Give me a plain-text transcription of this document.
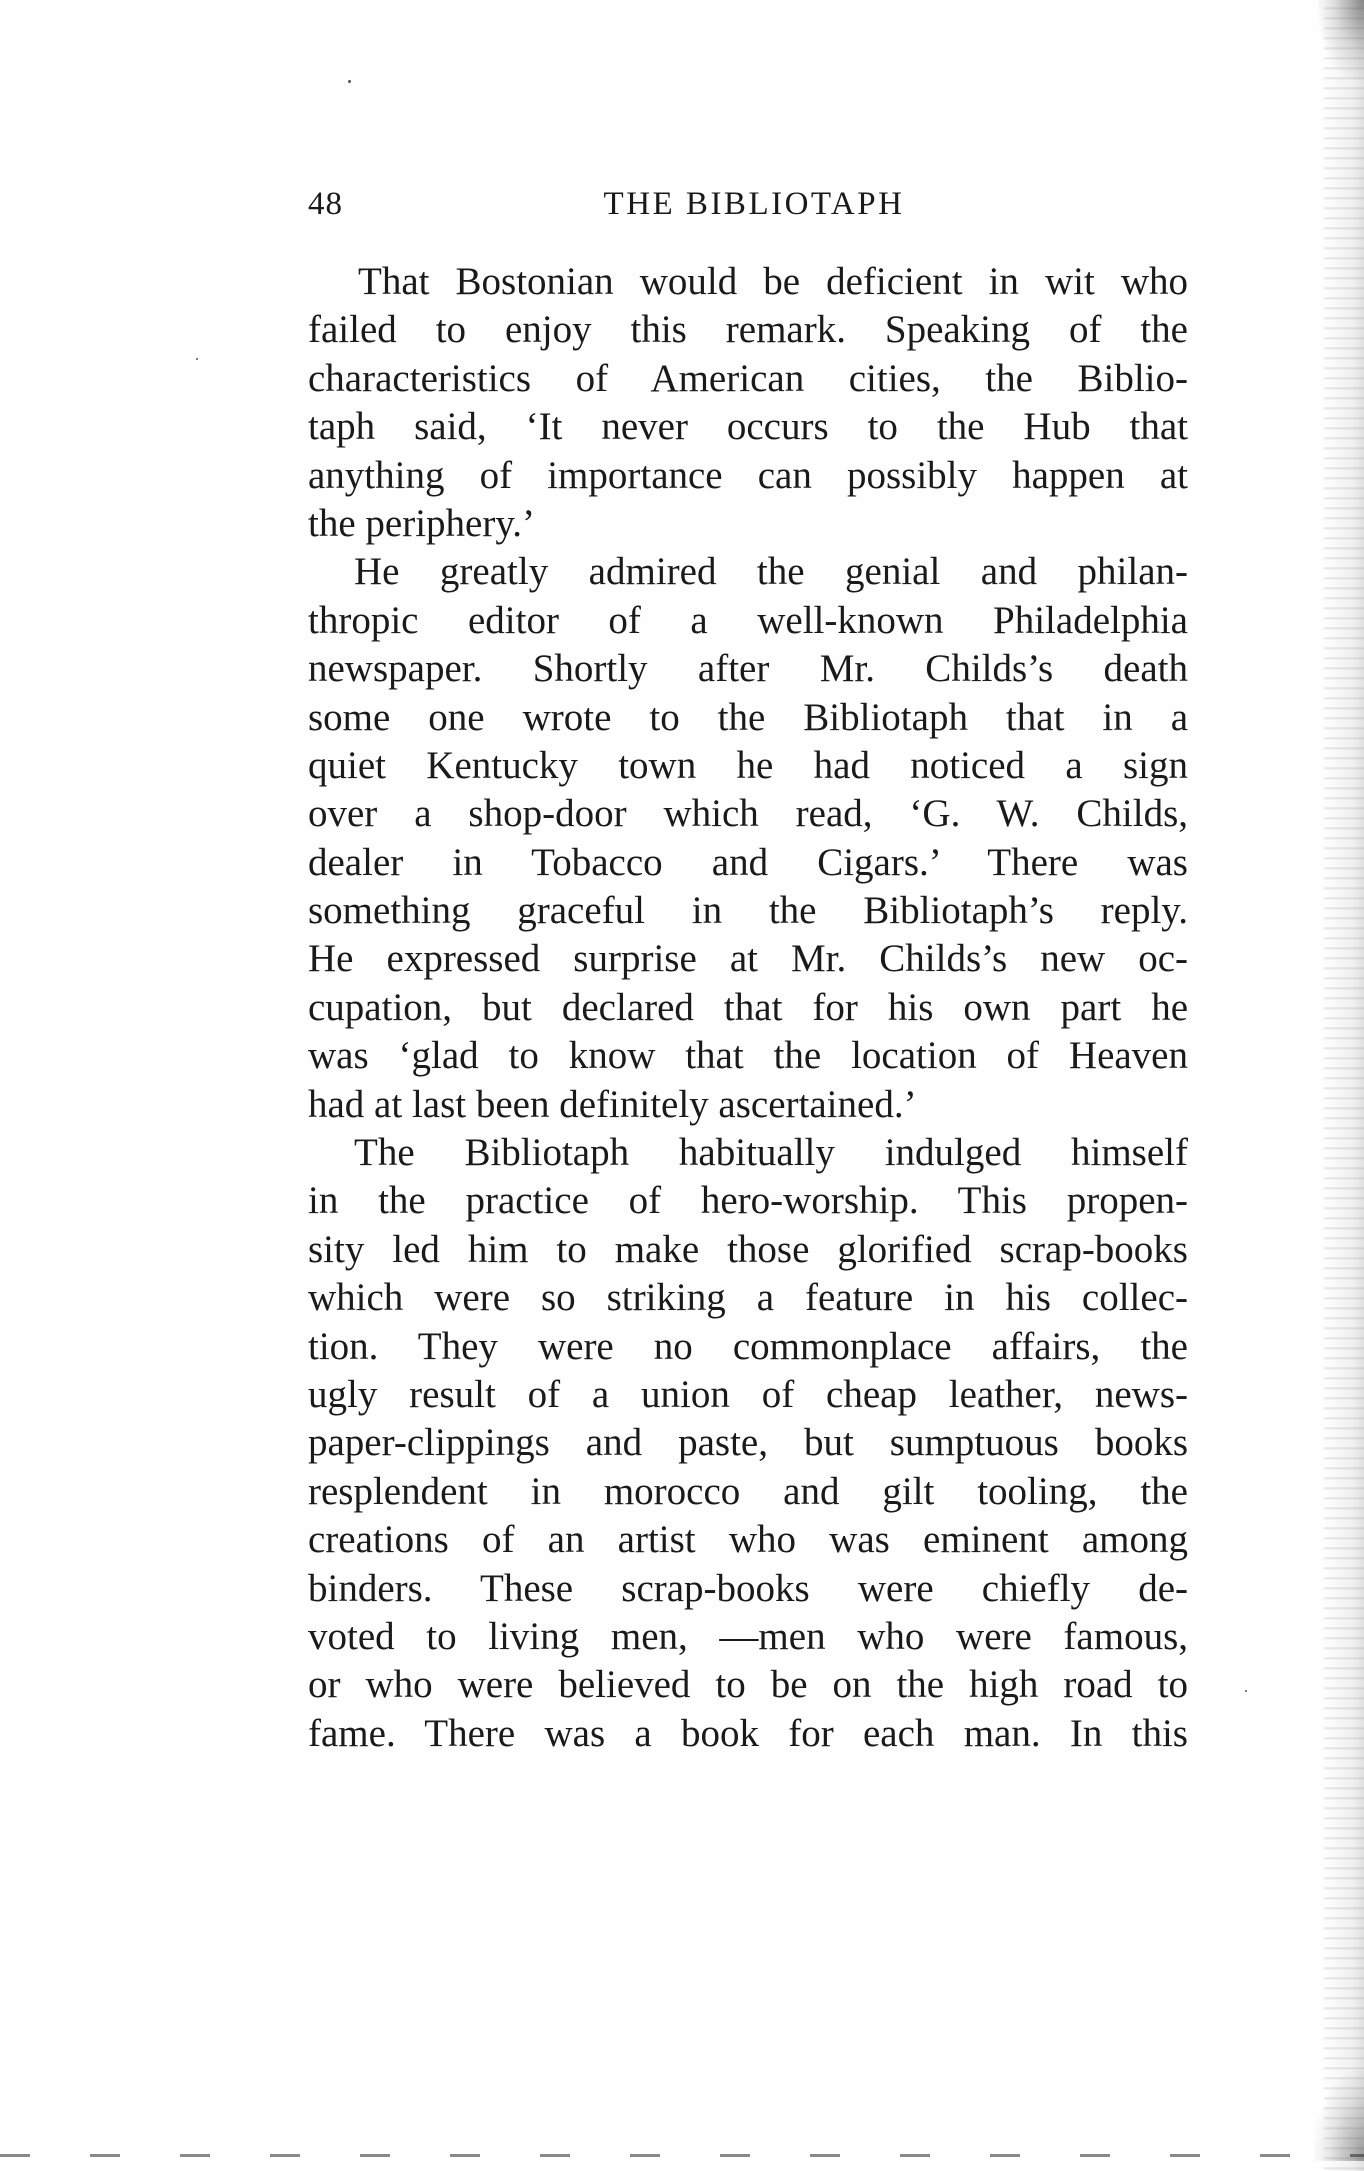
48	THE BIBLIOTAPH
That Bostonian would be deficient in wit who
failed to enjoy this remark. Speaking of the
characteristics of American cities, the Biblio-
taph said, ‘It never occurs to the Hub that
anything of importance can possibly happen at
the periphery.’
He greatly admired the genial and philan-
thropic editor of a well-known Philadelphia
newspaper. Shortly after Mr. Childs’s death
some one wrote to the Bibliotaph that in a
quiet Kentucky town he had noticed a sign
over a shop-door which read, ‘G. W. Childs,
dealer in Tobacco and Cigars.’ There was
something graceful in the Bibliotaph’s reply.
He expressed surprise at Mr. Childs’s new oc-
cupation, but declared that for his own part he
was ‘glad to know that the location of Heaven
had at last been definitely ascertained.’
The Bibliotaph habitually indulged himself
in the practice of hero-worship. This propen-
sity led him to make those glorified scrap-books
which were so striking a feature in his collec-
tion. They were no commonplace affairs, the
ugly result of a union of cheap leather, news-
paper-clippings and paste, but sumptuous books
resplendent in morocco and gilt tooling, the
creations of an artist who was eminent among
binders. These scrap-books were chiefly de-
voted to living men, —men who were famous,
or who were believed to be on the high road to
fame. There was a book for each man. In this
